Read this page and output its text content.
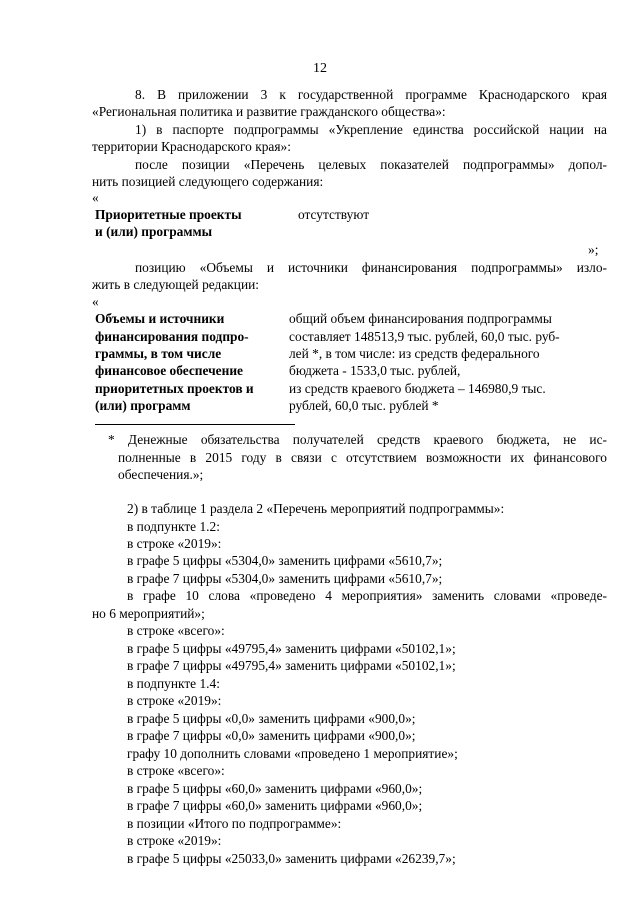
12
8. В приложении 3 к государственной программе Краснодарского края
«Региональная политика и развитие гражданского общества»:
1) в паспорте подпрограммы «Укрепление единства российской нации на
территории Краснодарского края»:
после позиции «Перечень целевых показателей подпрограммы» допол-
нить позицией следующего содержания:
«
Приоритетные проекты
и (или) программы
отсутствуют
»;
позицию «Объемы и источники финансирования подпрограммы» изло-
жить в следующей редакции:
«
Объемы и источники
финансирования подпро-
граммы, в том числе
финансовое обеспечение
приоритетных проектов и
(или) программ
общий объем финансирования подпрограммы
составляет 148513,9 тыс. рублей, 60,0 тыс. руб-
лей *, в том числе: из средств федерального
бюджета - 1533,0 тыс. рублей,
из средств краевого бюджета – 146980,9 тыс.
рублей, 60,0 тыс. рублей *
* Денежные обязательства получателей средств краевого бюджета, не ис-
полненные в 2015 году в связи с отсутствием возможности их финансового
обеспечения.»;
2) в таблице 1 раздела 2 «Перечень мероприятий подпрограммы»:
в подпункте 1.2:
в строке «2019»:
в графе 5 цифры «5304,0» заменить цифрами «5610,7»;
в графе 7 цифры «5304,0» заменить цифрами «5610,7»;
в графе 10 слова «проведено 4 мероприятия» заменить словами «проведе-
но 6 мероприятий»;
в строке «всего»:
в графе 5 цифры «49795,4» заменить цифрами «50102,1»;
в графе 7 цифры «49795,4» заменить цифрами «50102,1»;
в подпункте 1.4:
в строке «2019»:
в графе 5 цифры «0,0» заменить цифрами «900,0»;
в графе 7 цифры «0,0» заменить цифрами «900,0»;
графу 10 дополнить словами «проведено 1 мероприятие»;
в строке «всего»:
в графе 5 цифры «60,0» заменить цифрами «960,0»;
в графе 7 цифры «60,0» заменить цифрами «960,0»;
в позиции «Итого по подпрограмме»:
в строке «2019»:
в графе 5 цифры «25033,0» заменить цифрами «26239,7»;
